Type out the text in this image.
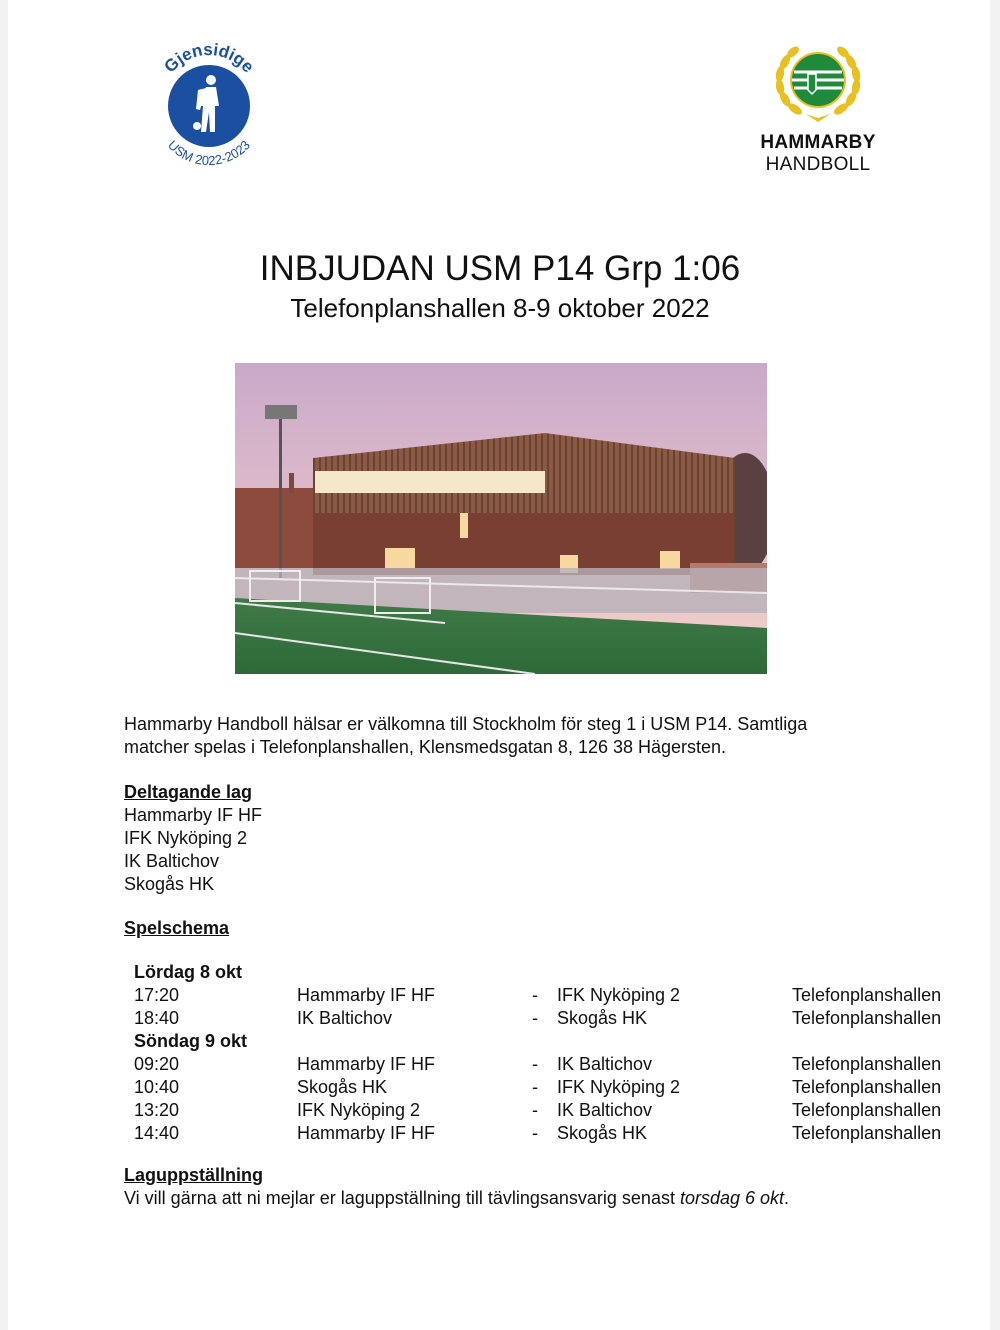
Gjensidige
USM 2022-2023	HAMMARBY
HANDBOLL
INBJUDAN USM P14 Grp 1:06
Telefonplanshallen 8-9 oktober 2022
Hammarby Handboll hälsar er välkomna till Stockholm för steg 1 i USM P14. Samtliga
matcher spelas i Telefonplanshallen, Klensmedsgatan 8, 126 38 Hägersten.
Deltagande lag
Hammarby IF HF
IFK Nyköping 2
IK Baltichov
Skogås HK
Spelschema
Lördag 8 okt
17:20	Hammarby IF HF	- IFK Nyköping 2	Telefonplanshallen
18:40	IK Baltichov	- Skogås HK	Telefonplanshallen
Söndag 9 okt
09:20	Hammarby IF HF	- IK Baltichov	Telefonplanshallen
10:40	Skogås HK	- IFK Nyköping 2	Telefonplanshallen
13:20	IFK Nyköping 2	- IK Baltichov	Telefonplanshallen
14:40	Hammarby IF HF	- Skogås HK	Telefonplanshallen
Laguppställning
Vi vill gärna att ni mejlar er laguppställning till tävlingsansvarig senast torsdag 6 okt.
